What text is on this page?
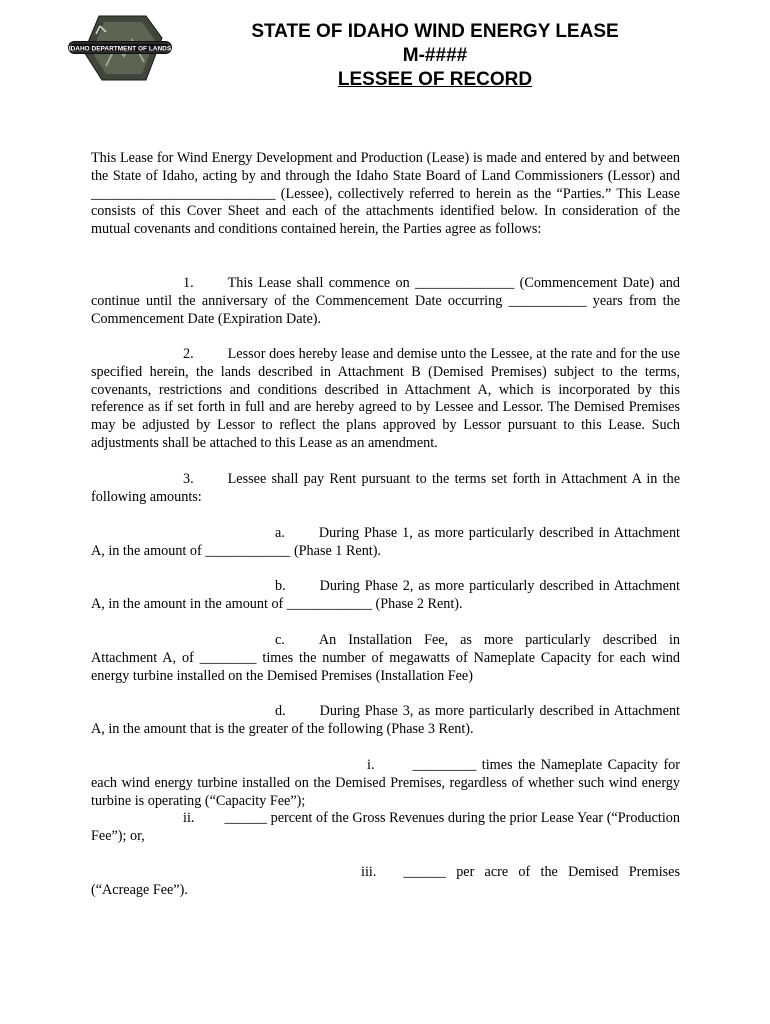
IDAHO DEPARTMENT OF LANDS
STATE OF IDAHO WIND ENERGY LEASE
M-####
LESSEE OF RECORD

This Lease for Wind Energy Development and Production (Lease) is made and entered by and between the State of Idaho, acting by and through the Idaho State Board of Land Commissioners (Lessor) and __________________________ (Lessee), collectively referred to herein as the “Parties.” This Lease consists of this Cover Sheet and each of the attachments identified below. In consideration of the mutual covenants and conditions contained herein, the Parties agree as follows:

1. This Lease shall commence on ______________ (Commencement Date) and continue until the anniversary of the Commencement Date occurring ___________ years from the Commencement Date (Expiration Date).

2. Lessor does hereby lease and demise unto the Lessee, at the rate and for the use specified herein, the lands described in Attachment B (Demised Premises) subject to the terms, covenants, restrictions and conditions described in Attachment A, which is incorporated by this reference as if set forth in full and are hereby agreed to by Lessee and Lessor. The Demised Premises may be adjusted by Lessor to reflect the plans approved by Lessor pursuant to this Lease. Such adjustments shall be attached to this Lease as an amendment.

3. Lessee shall pay Rent pursuant to the terms set forth in Attachment A in the following amounts:

a. During Phase 1, as more particularly described in Attachment A, in the amount of ____________ (Phase 1 Rent).

b. During Phase 2, as more particularly described in Attachment A, in the amount in the amount of ____________ (Phase 2 Rent).

c. An Installation Fee, as more particularly described in Attachment A, of ________ times the number of megawatts of Nameplate Capacity for each wind energy turbine installed on the Demised Premises (Installation Fee)

d. During Phase 3, as more particularly described in Attachment A, in the amount that is the greater of the following (Phase 3 Rent).

i.	_________ times the Nameplate Capacity for each wind energy turbine installed on the Demised Premises, regardless of whether such wind energy turbine is operating (“Capacity Fee”);

ii. ______ percent of the Gross Revenues during the prior Lease Year (“Production Fee”); or,

iii. ______ per acre of the Demised Premises (“Acreage Fee”).
